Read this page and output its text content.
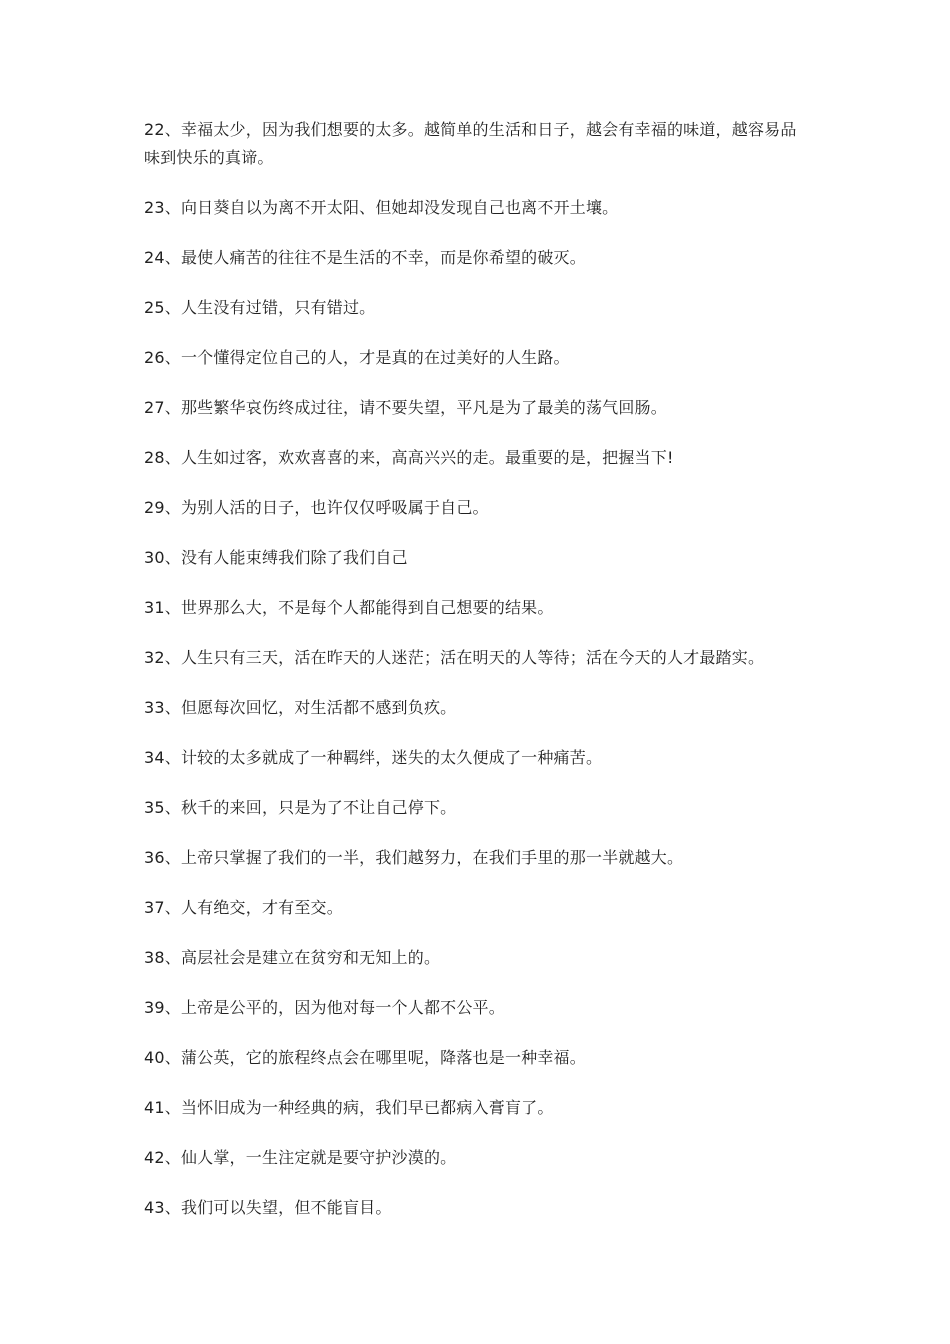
22、幸福太少，因为我们想要的太多。越简单的生活和日子，越会有幸福的味道，越容易品味到快乐的真谛。

23、向日葵自以为离不开太阳、但她却没发现自己也离不开土壤。

24、最使人痛苦的往往不是生活的不幸，而是你希望的破灭。

25、人生没有过错，只有错过。

26、一个懂得定位自己的人，才是真的在过美好的人生路。

27、那些繁华哀伤终成过往，请不要失望，平凡是为了最美的荡气回肠。

28、人生如过客，欢欢喜喜的来，高高兴兴的走。最重要的是，把握当下!

29、为别人活的日子，也许仅仅呼吸属于自己。

30、没有人能束缚我们除了我们自己

31、世界那么大，不是每个人都能得到自己想要的结果。

32、人生只有三天，活在昨天的人迷茫；活在明天的人等待；活在今天的人才最踏实。

33、但愿每次回忆，对生活都不感到负疚。

34、计较的太多就成了一种羁绊，迷失的太久便成了一种痛苦。

35、秋千的来回，只是为了不让自己停下。

36、上帝只掌握了我们的一半，我们越努力，在我们手里的那一半就越大。

37、人有绝交，才有至交。

38、高层社会是建立在贫穷和无知上的。

39、上帝是公平的，因为他对每一个人都不公平。

40、蒲公英，它的旅程终点会在哪里呢，降落也是一种幸福。

41、当怀旧成为一种经典的病，我们早已都病入膏肓了。

42、仙人掌，一生注定就是要守护沙漠的。

43、我们可以失望，但不能盲目。
